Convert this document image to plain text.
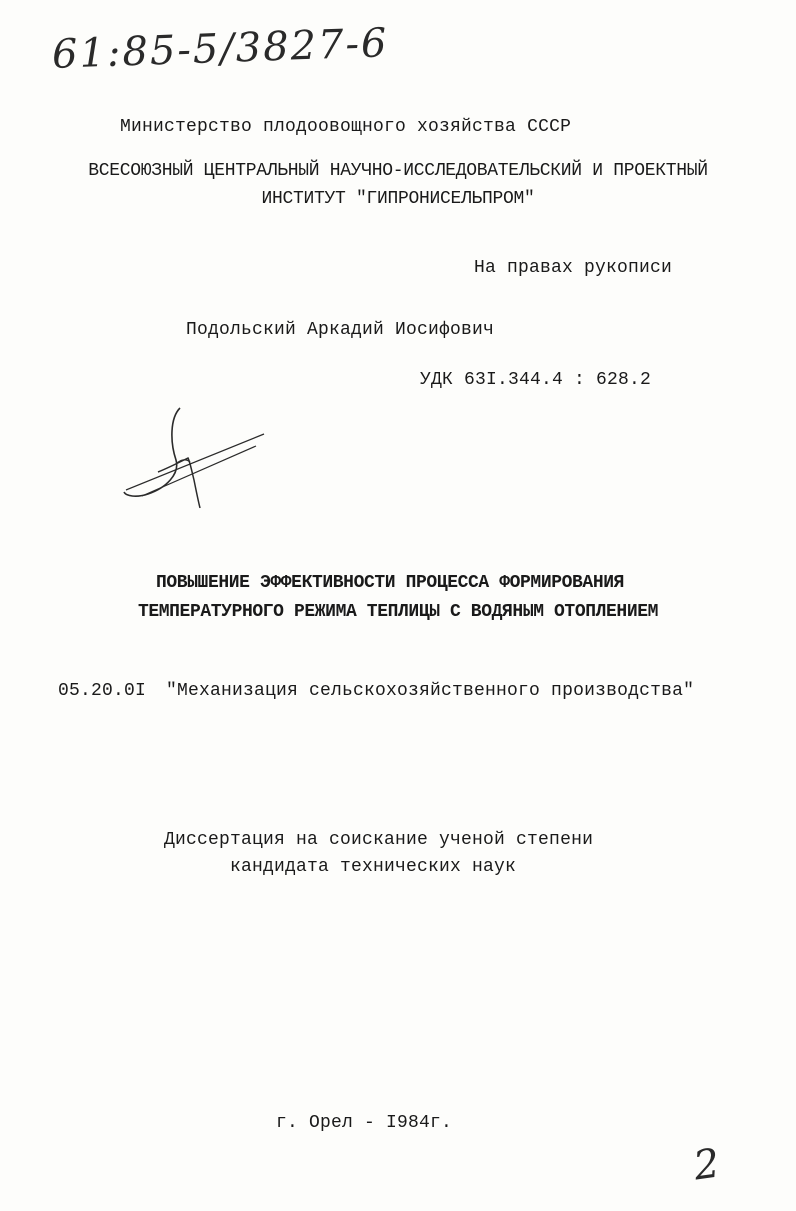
61:85-5/3827-6
Министерство плодоовощного хозяйства СССР
ВСЕСОЮЗНЫЙ ЦЕНТРАЛЬНЫЙ НАУЧНО-ИССЛЕДОВАТЕЛЬСКИЙ И ПРОЕКТНЫЙ
ИНСТИТУТ "ГИПРОНИСЕЛЬПРОМ"
На правах рукописи
Подольский Аркадий Иосифович
УДК 63I.344.4 : 628.2
ПОВЫШЕНИЕ ЭФФЕКТИВНОСТИ ПРОЦЕССА ФОРМИРОВАНИЯ
ТЕМПЕРАТУРНОГО РЕЖИМА ТЕПЛИЦЫ С ВОДЯНЫМ ОТОПЛЕНИЕМ
05.20.0I "Механизация сельскохозяйственного производства"
Диссертация на соискание ученой степени
кандидата технических наук
г. Орел - I984г.
2
